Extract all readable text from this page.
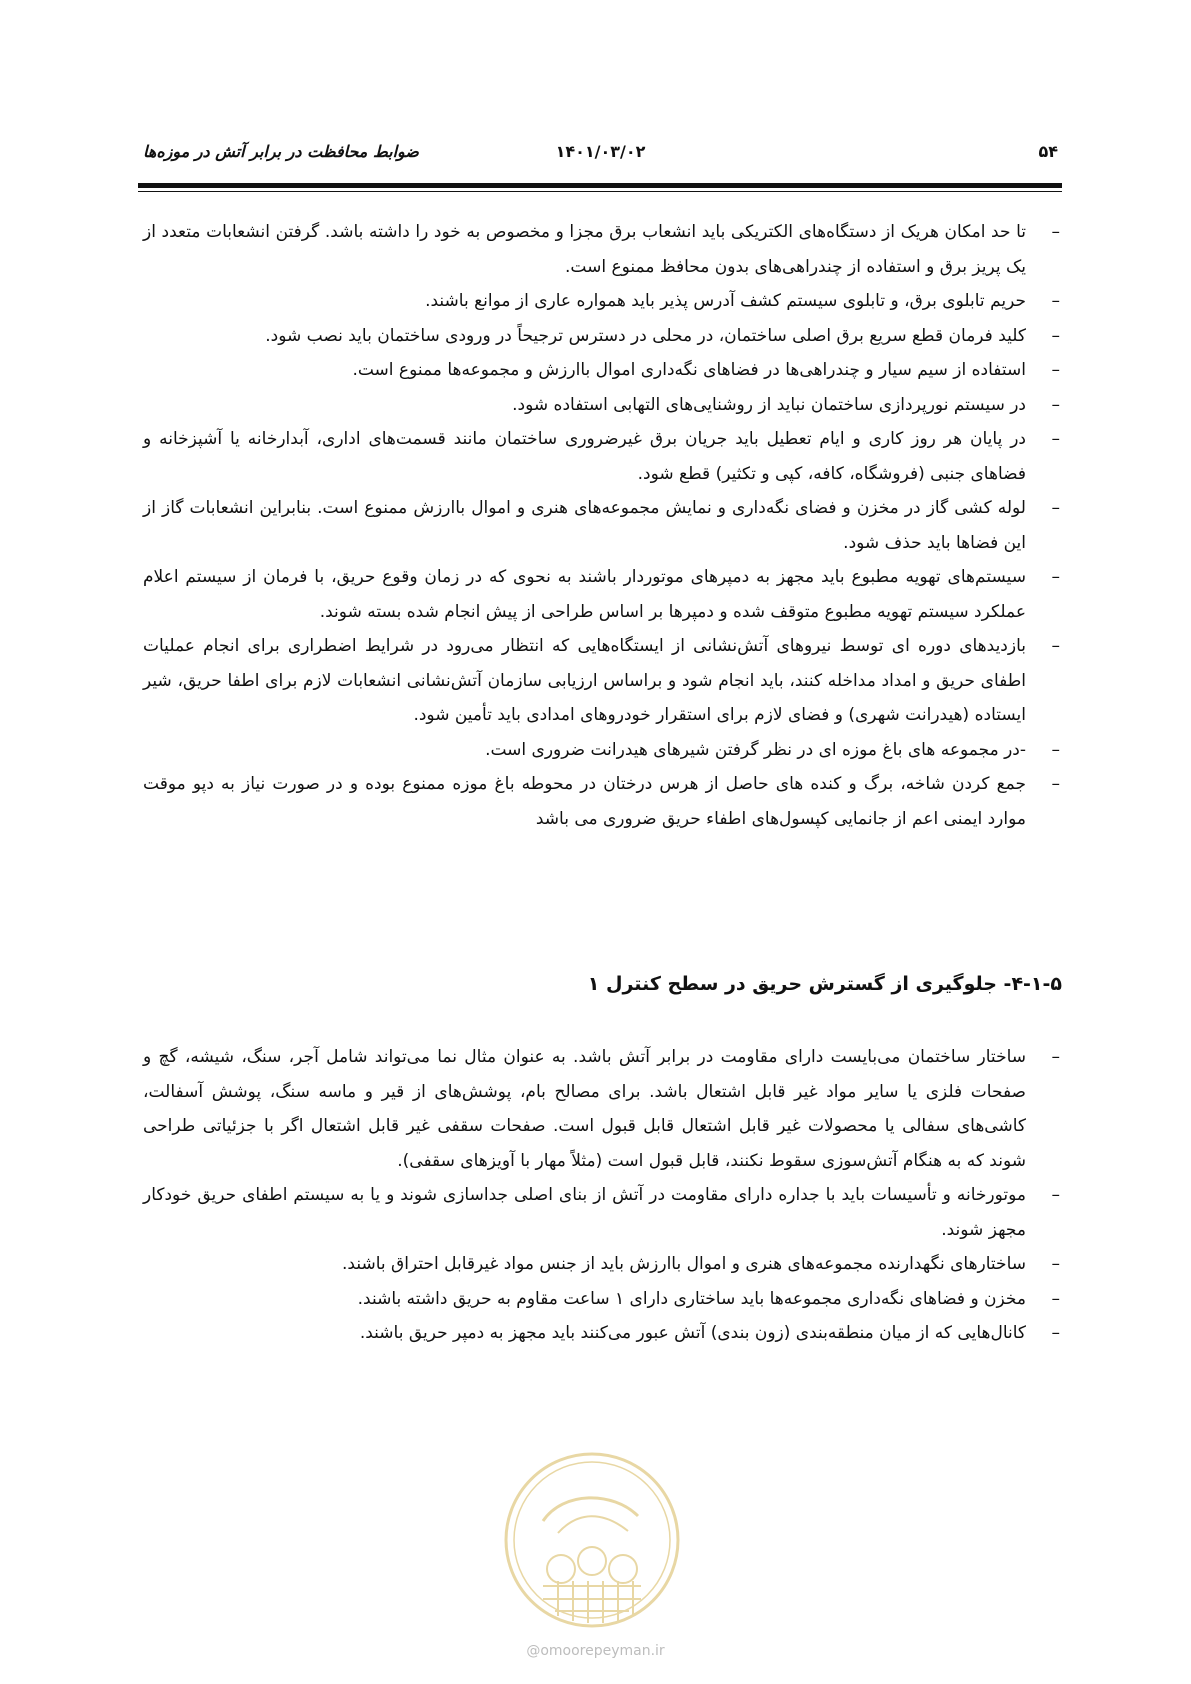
۵۴
۱۴۰۱/۰۳/۰۲
ضوابط محافظت در برابر آتش در موزه‌ها
–
تا حد امکان هریک از دستگاه‌های الکتریکی باید انشعاب برق مجزا و مخصوص به خود را داشته باشد. گرفتن انشعابات متعدد از یک پریز برق و استفاده از چندراهی‌های بدون محافظ ممنوع است.
–
حریم تابلوی برق، و تابلوی سیستم کشف آدرس پذیر باید همواره عاری از موانع باشند.
–
کلید فرمان قطع سریع برق اصلی ساختمان، در محلی در دسترس ترجیحاً در ورودی ساختمان باید نصب شود.
–
استفاده از سیم سیار و چندراهی‌ها در فضاهای نگه‌داری اموال باارزش و مجموعه‌ها ممنوع است.
–
در سیستم نورپردازی ساختمان نباید از روشنایی‌های التهابی استفاده شود.
–
در پایان هر روز کاری و ایام تعطیل باید جریان برق غیرضروری ساختمان مانند قسمت‌های اداری، آبدارخانه یا آشپزخانه و فضاهای جنبی (فروشگاه، کافه، کپی و تکثیر) قطع شود.
–
لوله کشی گاز در مخزن و فضای نگه‌داری و نمایش مجموعه‌های هنری و اموال باارزش ممنوع است. بنابراین انشعابات گاز از این فضاها باید حذف شود.
–
سیستم‌های تهویه مطبوع باید مجهز به دمپرهای موتوردار باشند به نحوی که در زمان وقوع حریق، با فرمان از سیستم اعلام عملکرد سیستم تهویه مطبوع متوقف شده و دمپرها بر اساس طراحی از پیش انجام شده بسته شوند.
–
بازدیدهای دوره ای توسط نیروهای آتش‌نشانی از ایستگاه‌هایی که انتظار می‌رود در شرایط اضطراری برای انجام عملیات اطفای حریق و امداد مداخله کنند، باید انجام شود و براساس ارزیابی سازمان آتش‌نشانی انشعابات لازم برای اطفا حریق، شیر ایستاده (هیدرانت شهری) و فضای لازم برای استقرار خودروهای امدادی باید تأمین شود.
–
-در مجموعه های باغ موزه ای در نظر گرفتن شیرهای هیدرانت ضروری است.
–
جمع کردن شاخه، برگ و کنده های حاصل از هرس درختان در محوطه باغ موزه ممنوع بوده و در صورت نیاز به دپو موقت موارد ایمنی اعم از جانمایی کپسول‌های اطفاء حریق ضروری می باشد
۴-۱-۵- جلوگیری از گسترش حریق در سطح کنترل ۱
–
ساختار ساختمان می‌بایست دارای مقاومت در برابر آتش باشد. به عنوان مثال نما می‌تواند شامل آجر، سنگ، شیشه، گچ و صفحات فلزی یا سایر مواد غیر قابل اشتعال باشد. برای مصالح بام، پوشش‌های از قیر و ماسه سنگ، پوشش آسفالت، کاشی‌های سفالی یا محصولات غیر قابل اشتعال قابل قبول است. صفحات سقفی غیر قابل اشتعال اگر با جزئیاتی طراحی شوند که به هنگام آتش‌سوزی سقوط نکنند، قابل قبول است (مثلاً مهار با آویزهای سقفی).
–
موتورخانه و تأسیسات باید با جداره دارای مقاومت در آتش از بنای اصلی جداسازی شوند و یا به سیستم اطفای حریق خودکار مجهز شوند.
–
ساختارهای نگهدارنده مجموعه‌های هنری و اموال باارزش باید از جنس مواد غیرقابل احتراق باشند.
–
مخزن و فضاهای نگه‌داری مجموعه‌ها باید ساختاری دارای ۱ ساعت مقاوم به حریق داشته باشند.
–
کانال‌هایی که از میان منطقه‌بندی (زون بندی) آتش عبور می‌کنند باید مجهز به دمپر حریق باشند.
@omoorepeyman.ir
